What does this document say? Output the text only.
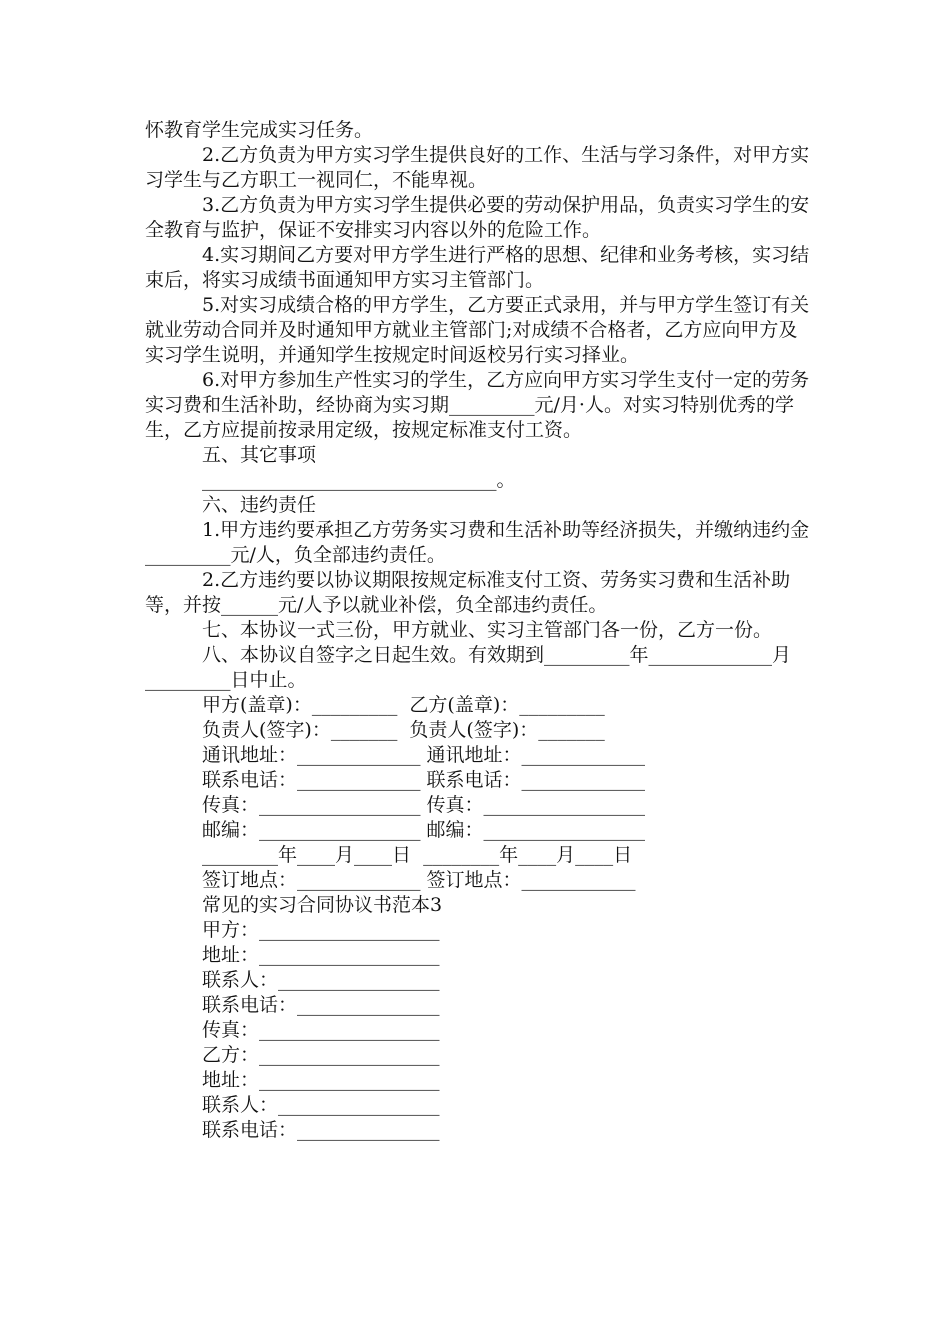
怀教育学生完成实习任务。

2.乙方负责为甲方实习学生提供良好的工作、生活与学习条件，对甲方实习学生与乙方职工一视同仁，不能卑视。

3.乙方负责为甲方实习学生提供必要的劳动保护用品，负责实习学生的安全教育与监护，保证不安排实习内容以外的危险工作。

4.实习期间乙方要对甲方学生进行严格的思想、纪律和业务考核，实习结束后，将实习成绩书面通知甲方实习主管部门。

5.对实习成绩合格的甲方学生，乙方要正式录用，并与甲方学生签订有关就业劳动合同并及时通知甲方就业主管部门;对成绩不合格者，乙方应向甲方及实习学生说明，并通知学生按规定时间返校另行实习择业。

6.对甲方参加生产性实习的学生，乙方应向甲方实习学生支付一定的劳务实习费和生活补助，经协商为实习期_________元/月·人。对实习特别优秀的学生，乙方应提前按录用定级，按规定标准支付工资。

五、其它事项

_______________________________。

六、违约责任

1.甲方违约要承担乙方劳务实习费和生活补助等经济损失，并缴纳违约金_________元/人，负全部违约责任。

2.乙方违约要以协议期限按规定标准支付工资、劳务实习费和生活补助等，并按______元/人予以就业补偿，负全部违约责任。

七、本协议一式三份，甲方就业、实习主管部门各一份，乙方一份。

八、本协议自签字之日起生效。有效期到_________年_____________月_________日中止。

甲方(盖章)：_________  乙方(盖章)：_________

负责人(签字)：_______  负责人(签字)：_______

通讯地址：_____________ 通讯地址：_____________

联系电话：_____________ 联系电话：_____________

传真：_________________ 传真：_________________

邮编：_________________ 邮编：_________________

________年____月____日  ________年____月____日

签订地点：_____________ 签订地点：____________

常见的实习合同协议书范本3

甲方：___________________

地址：___________________

联系人：_________________

联系电话：_______________

传真：___________________

乙方：___________________

地址：___________________

联系人：_________________

联系电话：_______________
